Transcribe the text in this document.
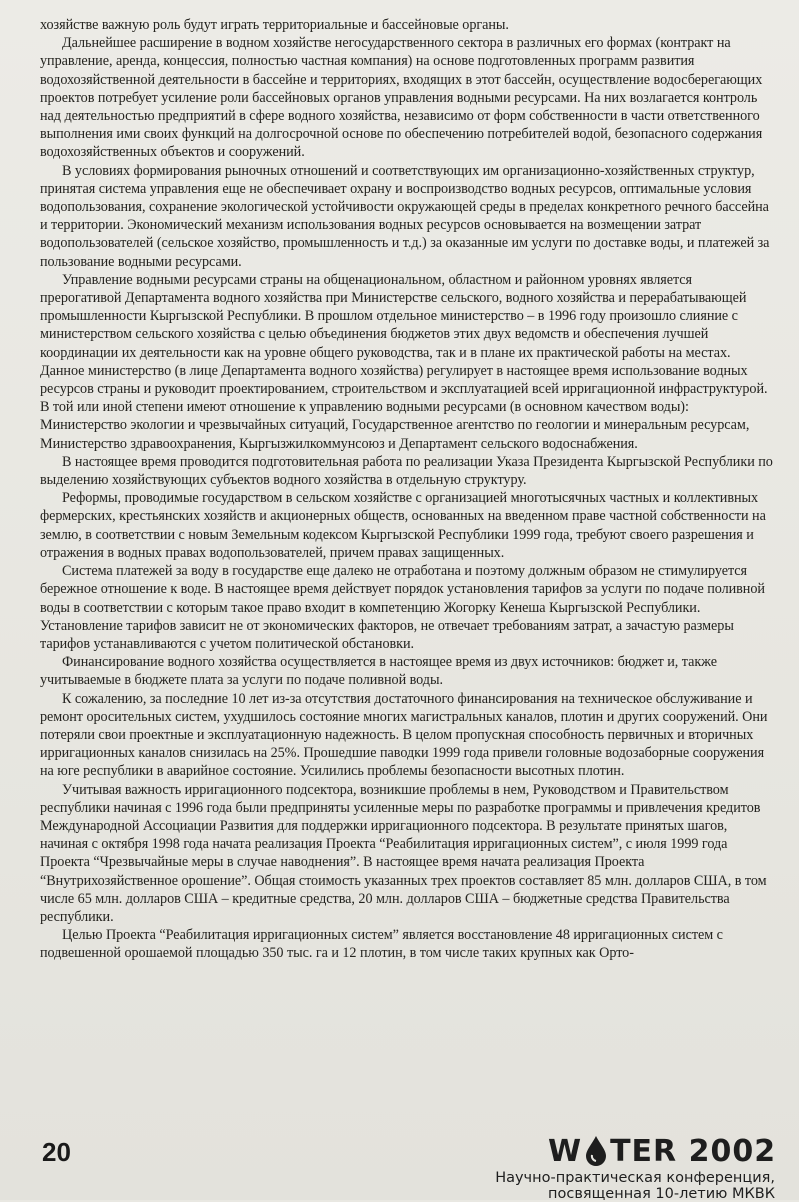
хозяйстве важную роль будут играть территориальные и бассейновые органы.

Дальнейшее расширение в водном хозяйстве негосударственного сектора в различных его формах (контракт на управление, аренда, концессия, полностью частная компания) на основе подготовленных программ развития водохозяйственной деятельности в бассейне и территориях, входящих в этот бассейн, осуществление водосберегающих проектов потребует усиление роли бассейновых органов управления водными ресурсами. На них возлагается контроль над деятельностью предприятий в сфере водного хозяйства, независимо от форм собственности в части ответственного выполнения ими своих функций на долгосрочной основе по обеспечению потребителей водой, безопасного содержания водохозяйственных объектов и сооружений.

В условиях формирования рыночных отношений и соответствующих им организационно-хозяйственных структур, принятая система управления еще не обеспечивает охрану и воспроизводство водных ресурсов, оптимальные условия водопользования, сохранение экологической устойчивости окружающей среды в пределах конкретного речного бассейна и территории. Экономический механизм использования водных ресурсов основывается на возмещении затрат водопользователей (сельское хозяйство, промышленность и т.д.) за оказанные им услуги по доставке воды, и платежей за пользование водными ресурсами.

Управление водными ресурсами страны на общенациональном, областном и районном уровнях является прерогативой Департамента водного хозяйства при Министерстве сельского, водного хозяйства и перерабатывающей промышленности Кыргызской Республики. В прошлом отдельное министерство – в 1996 году произошло слияние с министерством сельского хозяйства с целью объединения бюджетов этих двух ведомств и обеспечения лучшей координации их деятельности как на уровне общего руководства, так и в плане их практической работы на местах. Данное министерство (в лице Департамента водного хозяйства) регулирует в настоящее время использование водных ресурсов страны и руководит проектированием, строительством и эксплуатацией всей ирригационной инфраструктурой. В той или иной степени имеют отношение к управлению водными ресурсами (в основном качеством воды): Министерство экологии и чрезвычайных ситуаций, Государственное агентство по геологии и минеральным ресурсам, Министерство здравоохранения, Кыргызжилкоммунсоюз и Департамент сельского водоснабжения.

В настоящее время проводится подготовительная работа по реализации Указа Президента Кыргызской Республики по выделению хозяйствующих субъектов водного хозяйства в отдельную структуру.

Реформы, проводимые государством в сельском хозяйстве с организацией многотысячных частных и коллективных фермерских, крестьянских хозяйств и акционерных обществ, основанных на введенном праве частной собственности на землю, в соответствии с новым Земельным кодексом Кыргызской Республики 1999 года, требуют своего разрешения и отражения в водных правах водопользователей, причем правах защищенных.

Система платежей за воду в государстве еще далеко не отработана и поэтому должным образом не стимулируется бережное отношение к воде. В настоящее время действует порядок установления тарифов за услуги по подаче поливной воды в соответствии с которым такое право входит в компетенцию Жогорку Кенеша Кыргызской Республики. Установление тарифов зависит не от экономических факторов, не отвечает требованиям затрат, а зачастую размеры тарифов устанавливаются с учетом политической обстановки.

Финансирование водного хозяйства осуществляется в настоящее время из двух источников: бюджет и, также учитываемые в бюджете плата за услуги по подаче поливной воды.

К сожалению, за последние 10 лет из-за отсутствия достаточного финансирования на техническое обслуживание и ремонт оросительных систем, ухудшилось состояние многих магистральных каналов, плотин и других сооружений. Они потеряли свои проектные и эксплуатационную надежность. В целом пропускная способность первичных и вторичных ирригационных каналов снизилась на 25%. Прошедшие паводки 1999 года привели головные водозаборные сооружения на юге республики в аварийное состояние. Усилились проблемы безопасности высотных плотин.

Учитывая важность ирригационного подсектора, возникшие проблемы в нем, Руководством и Правительством республики начиная с 1996 года были предприняты усиленные меры по разработке программы и привлечения кредитов Международной Ассоциации Развития для поддержки ирригационного подсектора. В результате принятых шагов, начиная с октября 1998 года начата реализация Проекта “Реабилитация ирригационных систем”, с июля 1999 года Проекта “Чрезвычайные меры в случае наводнения”. В настоящее время начата реализация Проекта “Внутрихозяйственное орошение”. Общая стоимость указанных трех проектов составляет 85 млн. долларов США, в том числе 65 млн. долларов США – кредитные средства, 20 млн. долларов США – бюджетные средства Правительства республики.

Целью Проекта “Реабилитация ирригационных систем” является восстановление 48 ирригационных систем с подвешенной орошаемой площадью 350 тыс. га и 12 плотин, в том числе таких крупных как Орто-

20	W TER 2002
Научно-практическая конференция,
посвященная 10-летию МКВК
